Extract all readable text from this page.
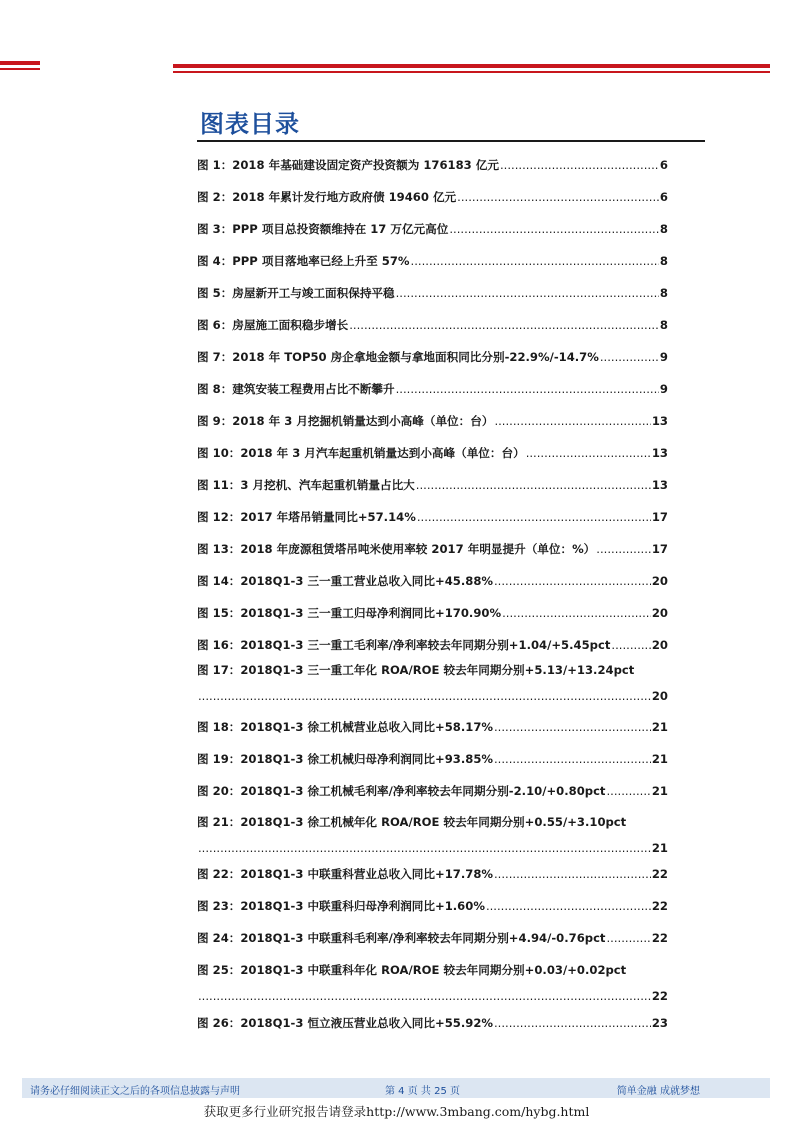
图表目录
图 1：2018 年基础建设固定资产投资额为 176183 亿元 .....	6
图 2：2018 年累计发行地方政府债 19460 亿元 .....	6
图 3：PPP 项目总投资额维持在 17 万亿元高位 .....	8
图 4：PPP 项目落地率已经上升至 57% .....	8
图 5：房屋新开工与竣工面积保持平稳 .....	8
图 6：房屋施工面积稳步增长 .....	8
图 7：2018 年 TOP50 房企拿地金额与拿地面积同比分别-22.9%/-14.7% .....	9
图 8：建筑安装工程费用占比不断攀升 .....	9
图 9：2018 年 3 月挖掘机销量达到小高峰（单位：台） .....	13
图 10：2018 年 3 月汽车起重机销量达到小高峰（单位：台） .....	13
图 11：3 月挖机、汽车起重机销量占比大 .....	13
图 12：2017 年塔吊销量同比+57.14% .....	17
图 13：2018 年庞源租赁塔吊吨米使用率较 2017 年明显提升（单位：%） .....	17
图 14：2018Q1-3 三一重工营业总收入同比+45.88% .....	20
图 15：2018Q1-3 三一重工归母净利润同比+170.90% .....	20
图 16：2018Q1-3 三一重工毛利率/净利率较去年同期分别+1.04/+5.45pct .....	20
图 17：2018Q1-3 三一重工年化 ROA/ROE 较去年同期分别+5.13/+13.24pct
.....
20
图 18：2018Q1-3 徐工机械营业总收入同比+58.17% .....	21
图 19：2018Q1-3 徐工机械归母净利润同比+93.85% .....	21
图 20：2018Q1-3 徐工机械毛利率/净利率较去年同期分别-2.10/+0.80pct .....	21
图 21：2018Q1-3 徐工机械年化 ROA/ROE 较去年同期分别+0.55/+3.10pct
.....
21
图 22：2018Q1-3 中联重科营业总收入同比+17.78% .....	22
图 23：2018Q1-3 中联重科归母净利润同比+1.60% .....	22
图 24：2018Q1-3 中联重科毛利率/净利率较去年同期分别+4.94/-0.76pct .....	22
图 25：2018Q1-3 中联重科年化 ROA/ROE 较去年同期分别+0.03/+0.02pct
.....
22
图 26：2018Q1-3 恒立液压营业总收入同比+55.92% .....	23
请务必仔细阅读正文之后的各项信息披露与声明	第 4 页 共 25 页	简单金融 成就梦想
获取更多行业研究报告请登录http://www.3mbang.com/hybg.html
